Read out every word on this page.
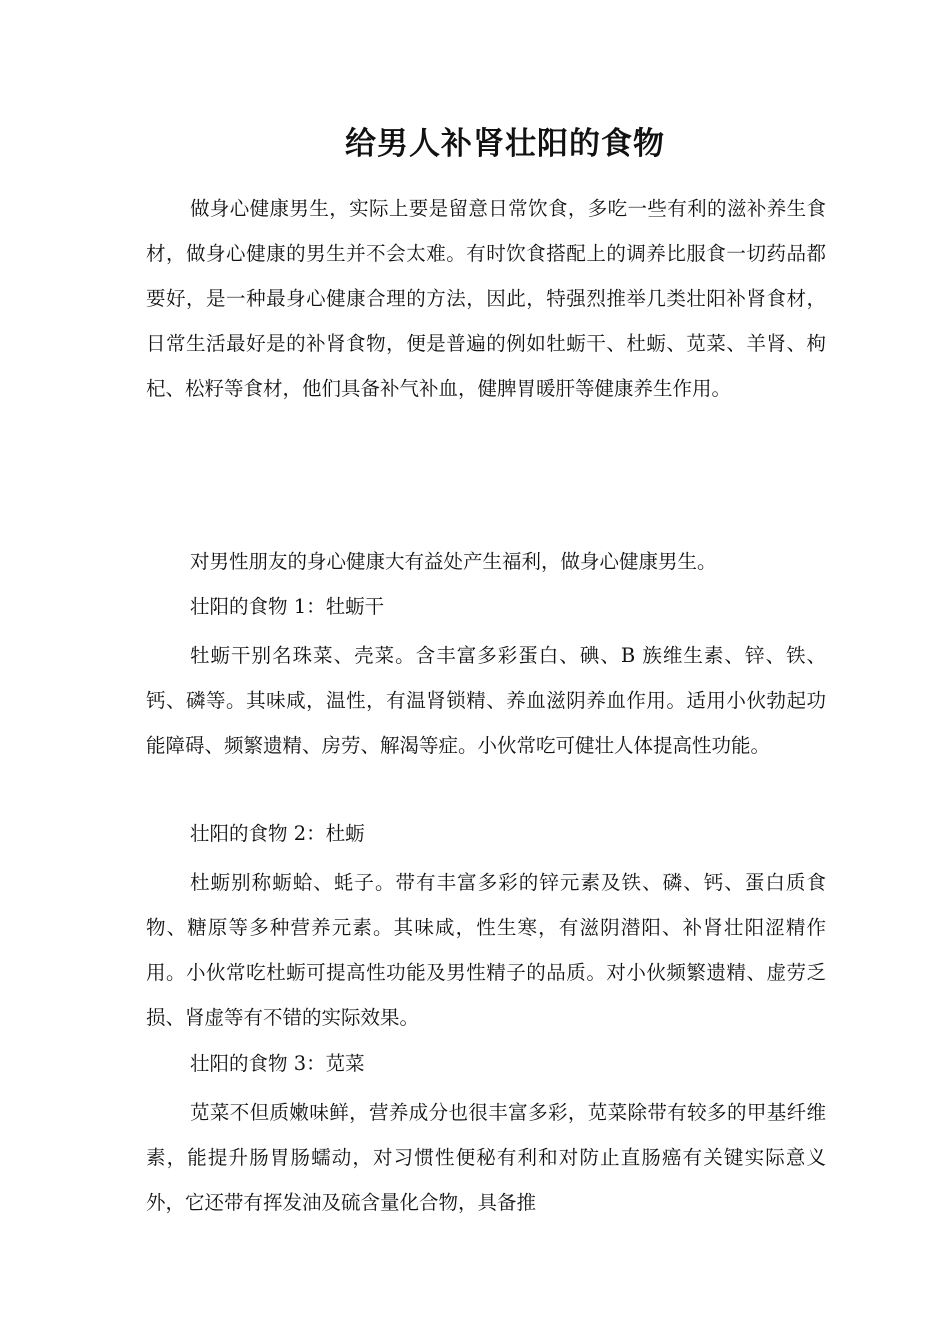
给男人补肾壮阳的食物

做身心健康男生，实际上要是留意日常饮食，多吃一些有利的滋补养生食材，做身心健康的男生并不会太难。有时饮食搭配上的调养比服食一切药品都要好，是一种最身心健康合理的方法，因此，特强烈推举几类壮阳补肾食材，日常生活最好是的补肾食物，便是普遍的例如牡蛎干、杜蛎、苋菜、羊肾、枸杞、松籽等食材，他们具备补气补血，健脾胃暖肝等健康养生作用。

对男性朋友的身心健康大有益处产生福利，做身心健康男生。

壮阳的食物 1：牡蛎干

牡蛎干别名珠菜、壳菜。含丰富多彩蛋白、碘、B 族维生素、锌、铁、钙、磷等。其味咸，温性，有温肾锁精、养血滋阴养血作用。适用小伙勃起功能障碍、频繁遗精、房劳、解渴等症。小伙常吃可健壮人体提高性功能。

壮阳的食物 2：杜蛎

杜蛎别称蛎蛤、蚝子。带有丰富多彩的锌元素及铁、磷、钙、蛋白质食物、糖原等多种营养元素。其味咸，性生寒，有滋阴潜阳、补肾壮阳涩精作用。小伙常吃杜蛎可提高性功能及男性精子的品质。对小伙频繁遗精、虚劳乏损、肾虚等有不错的实际效果。

壮阳的食物 3：苋菜

苋菜不但质嫩味鲜，营养成分也很丰富多彩，苋菜除带有较多的甲基纤维素，能提升肠胃肠蠕动，对习惯性便秘有利和对防止直肠癌有关键实际意义外，它还带有挥发油及硫含量化合物，具备推
